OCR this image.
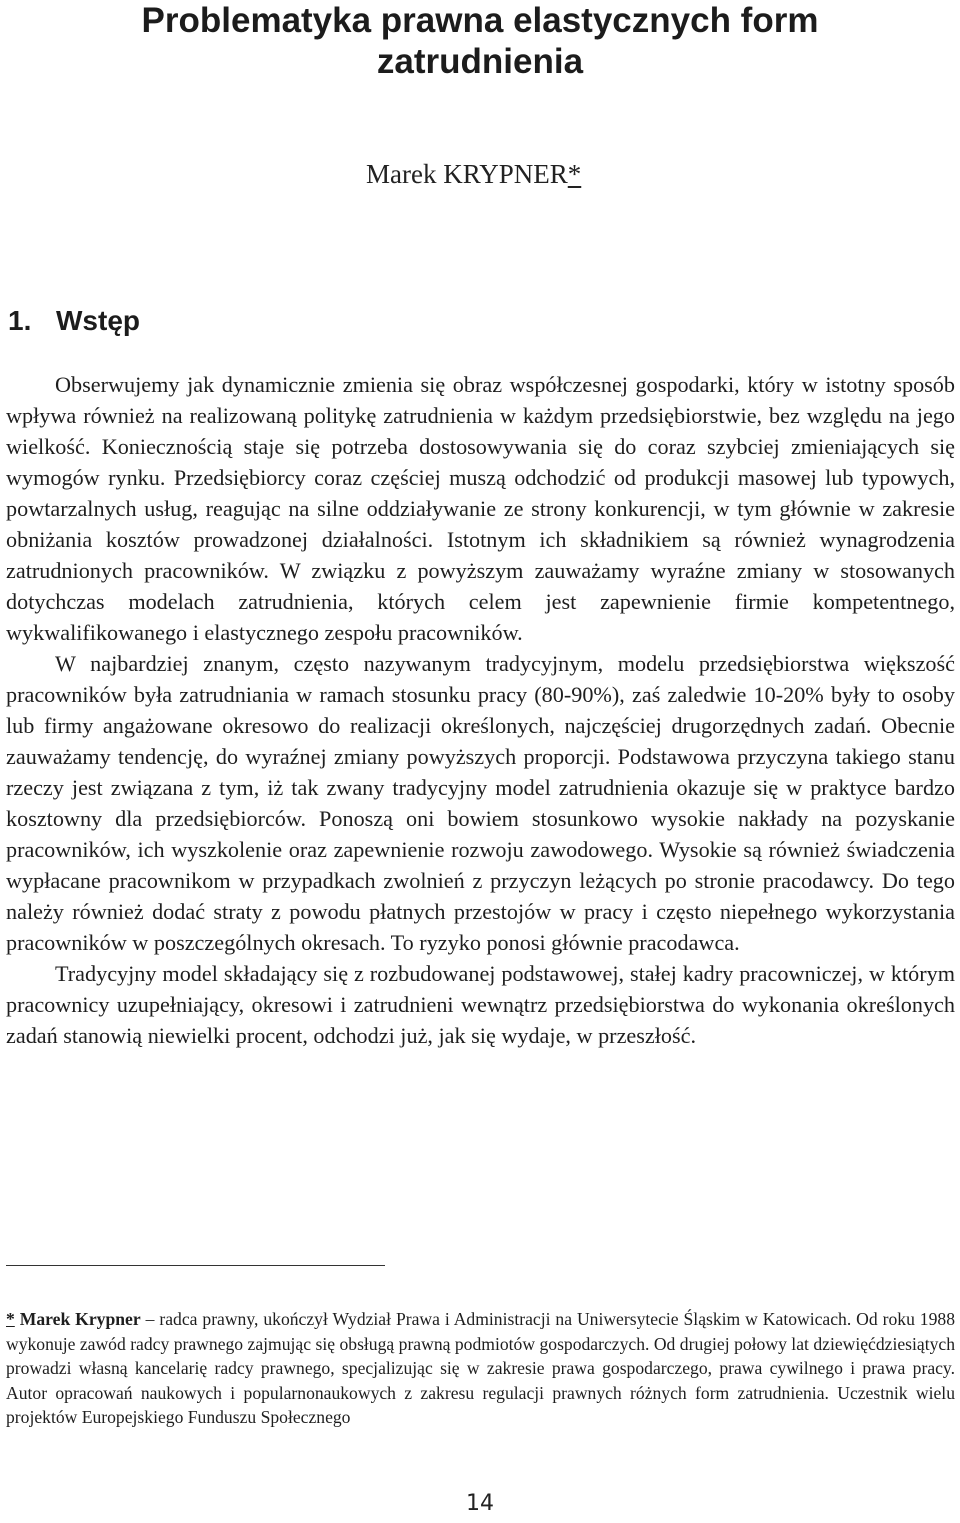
Problematyka prawna elastycznych form
zatrudnienia
Marek KRYPNER*
1. Wstęp

Obserwujemy jak dynamicznie zmienia się obraz współczesnej gospodarki, który w istotny sposób wpływa również na realizowaną politykę zatrudnienia w każdym przedsiębiorstwie, bez względu na jego wielkość. Koniecznością staje się potrzeba dostosowywania się do coraz szybciej zmieniających się wymogów rynku. Przedsiębiorcy coraz częściej muszą odchodzić od produkcji masowej lub typowych, powtarzalnych usług, reagując na silne oddziaływanie ze strony konkurencji, w tym głównie w zakresie obniżania kosztów prowadzonej działalności. Istotnym ich składnikiem są również wynagrodzenia zatrudnionych pracowników. W związku z powyższym zauważamy wyraźne zmiany w stosowanych dotychczas modelach zatrudnienia, których celem jest zapewnienie firmie kompetentnego, wykwalifikowanego i elastycznego zespołu pracowników.

W najbardziej znanym, często nazywanym tradycyjnym, modelu przedsiębiorstwa większość pracowników była zatrudniania w ramach stosunku pracy (80-90%), zaś zaledwie 10-20% były to osoby lub firmy angażowane okresowo do realizacji określonych, najczęściej drugorzędnych zadań. Obecnie zauważamy tendencję, do wyraźnej zmiany powyższych proporcji. Podstawowa przyczyna takiego stanu rzeczy jest związana z tym, iż tak zwany tradycyjny model zatrudnienia okazuje się w praktyce bardzo kosztowny dla przedsiębiorców. Ponoszą oni bowiem stosunkowo wysokie nakłady na pozyskanie pracowników, ich wyszkolenie oraz zapewnienie rozwoju zawodowego. Wysokie są również świadczenia wypłacane pracownikom w przypadkach zwolnień z przyczyn leżących po stronie pracodawcy. Do tego należy również dodać straty z powodu płatnych przestojów w pracy i często niepełnego wykorzystania pracowników w poszczególnych okresach. To ryzyko ponosi głównie pracodawca.

Tradycyjny model składający się z rozbudowanej podstawowej, stałej kadry pracowniczej, w którym pracownicy uzupełniający, okresowi i zatrudnieni wewnątrz przedsiębiorstwa do wykonania określonych zadań stanowią niewielki procent, odchodzi już, jak się wydaje, w przeszłość.

* Marek Krypner – radca prawny, ukończył Wydział Prawa i Administracji na Uniwersytecie Śląskim w Katowicach. Od roku 1988 wykonuje zawód radcy prawnego zajmując się obsługą prawną podmiotów gospodarczych. Od drugiej połowy lat dziewięćdziesiątych prowadzi własną kancelarię radcy prawnego, specjalizując się w zakresie prawa gospodarczego, prawa cywilnego i prawa pracy. Autor opracowań naukowych i popularnonaukowych z zakresu regulacji prawnych różnych form zatrudnienia. Uczestnik wielu projektów Europejskiego Funduszu Społecznego
14
